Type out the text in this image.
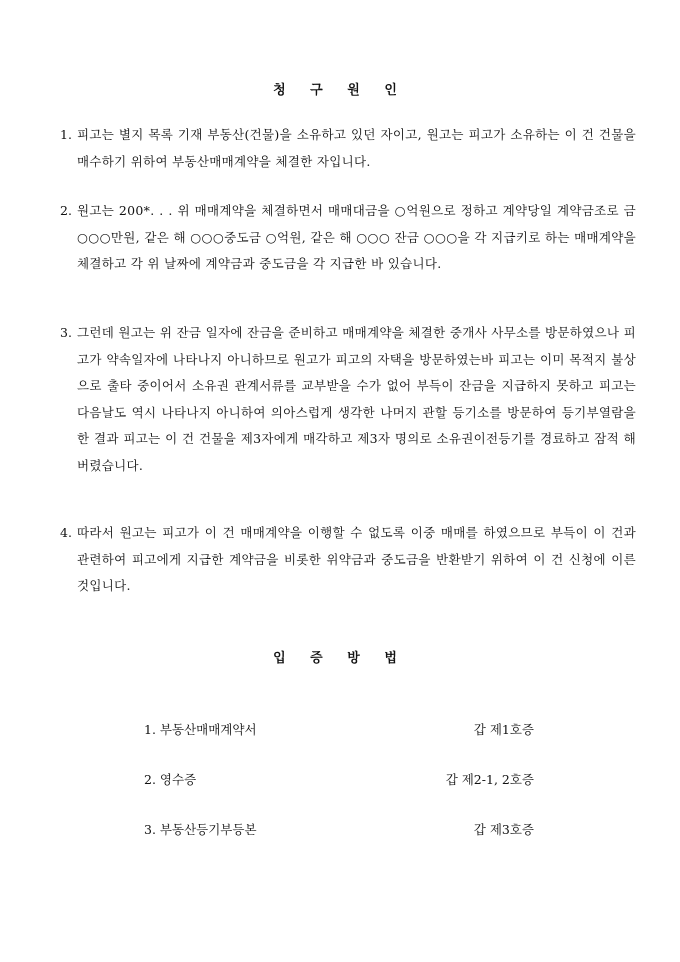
청 구 원 인
1. 피고는 별지 목록 기재 부동산(건물)을 소유하고 있던 자이고, 원고는 피고가 소유하는 이 건 건물을 매수하기 위하여 부동산매매계약을 체결한 자입니다.
2. 원고는 200*. . . 위 매매계약을 체결하면서 매매대금을 ○억원으로 정하고 계약당일 계약금조로 금 ○○○만원, 같은 해 ○○○중도금 ○억원, 같은 해 ○○○ 잔금 ○○○을 각 지급키로 하는 매매계약을 체결하고 각 위 날짜에 계약금과 중도금을 각 지급한 바 있습니다.
3. 그런데 원고는 위 잔금 일자에 잔금을 준비하고 매매계약을 체결한 중개사 사무소를 방문하였으나 피고가 약속일자에 나타나지 아니하므로 원고가 피고의 자택을 방문하였는바 피고는 이미 목적지 불상으로 출타 중이어서 소유권 관계서류를 교부받을 수가 없어 부득이 잔금을 지급하지 못하고 피고는 다음날도 역시 나타나지 아니하여 의아스럽게 생각한 나머지 관할 등기소를 방문하여 등기부열람을 한 결과 피고는 이 건 건물을 제3자에게 매각하고 제3자 명의로 소유권이전등기를 경료하고 잠적 해 버렸습니다.
4. 따라서 원고는 피고가 이 건 매매계약을 이행할 수 없도록 이중 매매를 하였으므로 부득이 이 건과 관련하여 피고에게 지급한 계약금을 비롯한 위약금과 중도금을 반환받기 위하여 이 건 신청에 이른 것입니다.
입 증 방 법
1. 부동산매매계약서	갑 제1호증
2. 영수증	갑 제2-1, 2호증
3. 부동산등기부등본	갑 제3호증
